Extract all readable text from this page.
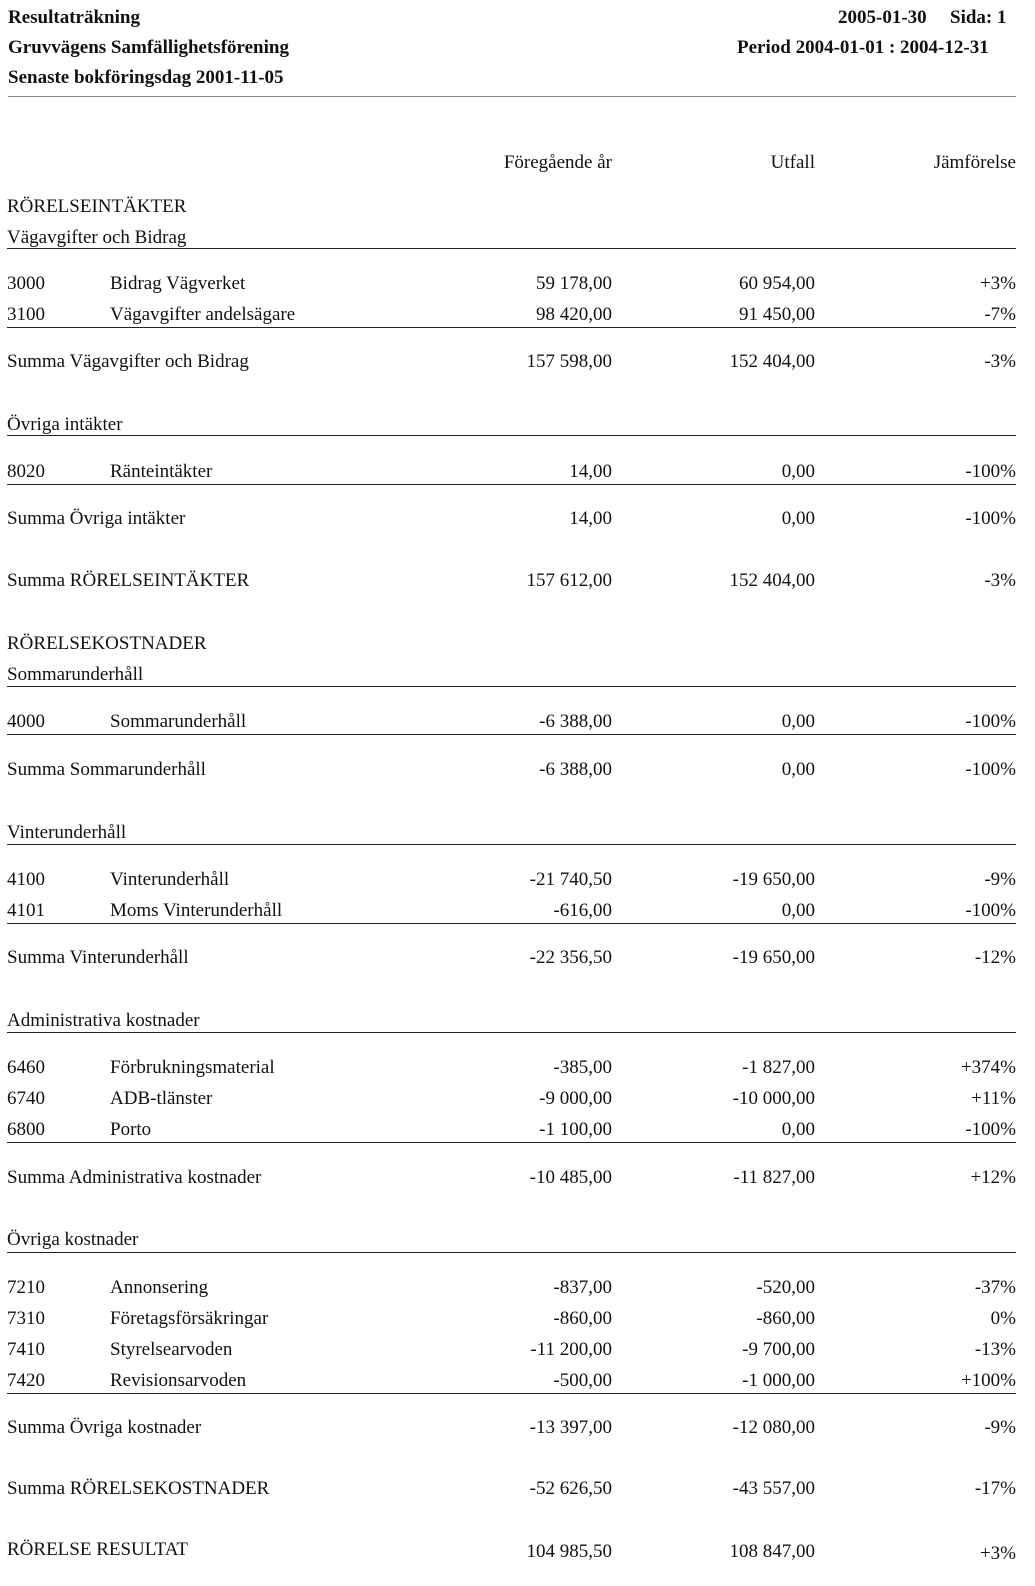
Resultaträkning
Gruvvägens Samfällighetsförening
Senaste bokföringsdag 2001-11-05
2005-01-30 Sida: 1
Period 2004-01-01 : 2004-12-31
Föregående år	Utfall	Jämförelse
RÖRELSEINTÄKTER
Vägavgifter och Bidrag
3000	Bidrag Vägverket	59 178,00	60 954,00	+3%
3100	Vägavgifter andelsägare	98 420,00	91 450,00	-7%
Summa Vägavgifter och Bidrag	157 598,00	152 404,00	-3%
Övriga intäkter
8020	Ränteintäkter	14,00	0,00	-100%
Summa Övriga intäkter	14,00	0,00	-100%
Summa RÖRELSEINTÄKTER	157 612,00	152 404,00	-3%
RÖRELSEKOSTNADER
Sommarunderhåll
4000	Sommarunderhåll	-6 388,00	0,00	-100%
Summa Sommarunderhåll	-6 388,00	0,00	-100%
Vinterunderhåll
4100	Vinterunderhåll	-21 740,50	-19 650,00	-9%
4101	Moms Vinterunderhåll	-616,00	0,00	-100%
Summa Vinterunderhåll	-22 356,50	-19 650,00	-12%
Administrativa kostnader
6460	Förbrukningsmaterial	-385,00	-1 827,00	+374%
6740	ADB-tlänster	-9 000,00	-10 000,00	+11%
6800	Porto	-1 100,00	0,00	-100%
Summa Administrativa kostnader	-10 485,00	-11 827,00	+12%
Övriga kostnader
7210	Annonsering	-837,00	-520,00	-37%
7310	Företagsförsäkringar	-860,00	-860,00	0%
7410	Styrelsearvoden	-11 200,00	-9 700,00	-13%
7420	Revisionsarvoden	-500,00	-1 000,00	+100%
Summa Övriga kostnader	-13 397,00	-12 080,00	-9%
Summa RÖRELSEKOSTNADER	-52 626,50	-43 557,00	-17%
RÖRELSE RESULTAT	104 985,50	108 847,00	+3%
